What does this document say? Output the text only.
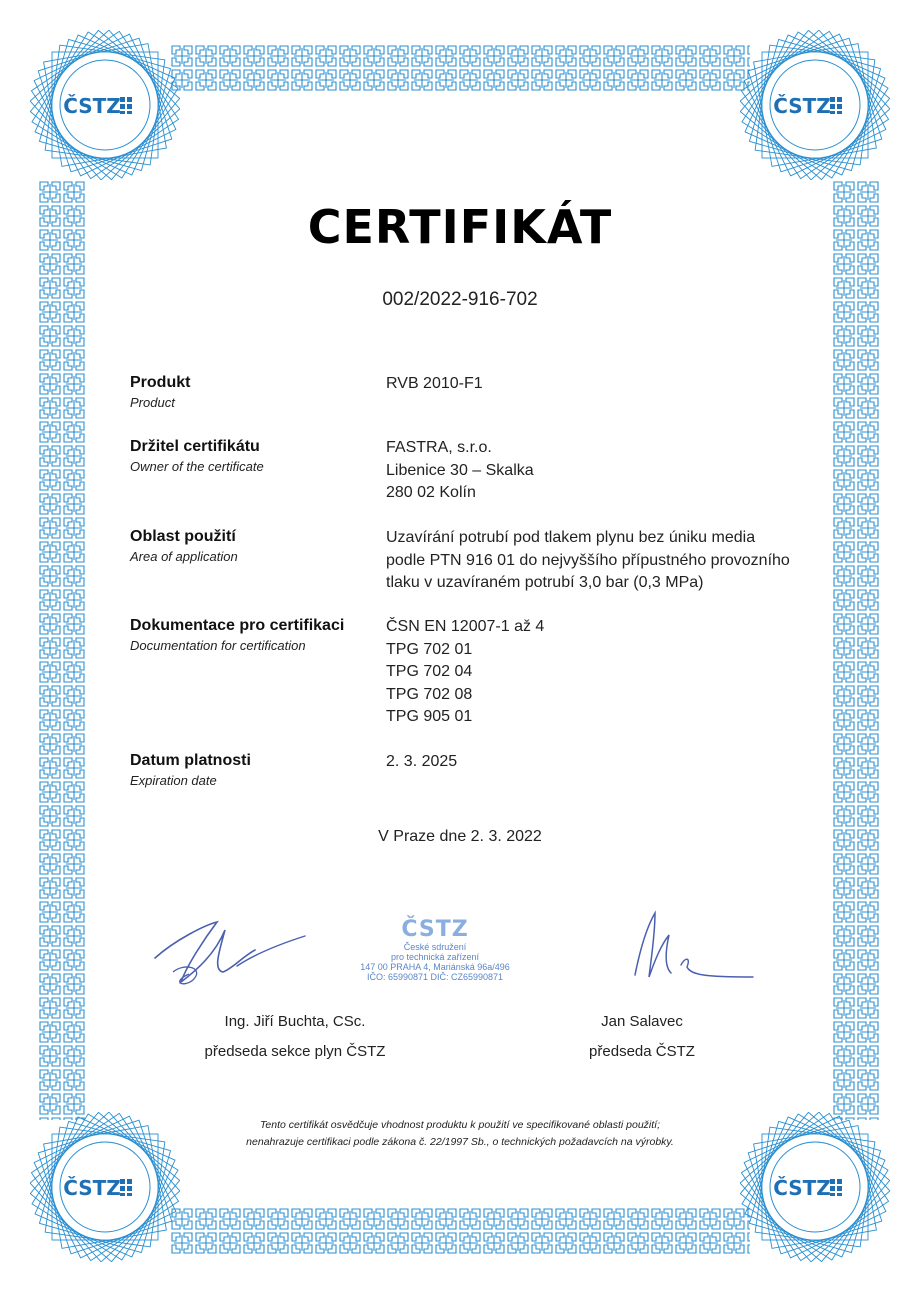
CERTIFIKÁT
002/2022-916-702
Produkt
Product
RVB 2010-F1
Držitel certifikátu
Owner of the certificate
FASTRA, s.r.o.
Libenice 30 – Skalka
280 02 Kolín
Oblast použití
Area of application
Uzavírání potrubí pod tlakem plynu bez úniku media
podle PTN 916 01 do nejvyššího přípustného provozního
tlaku v uzavíraném potrubí 3,0 bar (0,3 MPa)
Dokumentace pro certifikaci
Documentation for certification
ČSN EN 12007-1 až 4
TPG 702 01
TPG 702 04
TPG 702 08
TPG 905 01
Datum platnosti
Expiration date
2. 3. 2025
V Praze dne 2. 3. 2022
ČSTZ
České sdružení
pro technická zařízení
147 00 PRAHA 4, Mariánská 96a/496
IČO: 65990871 DIČ: CZ65990871
Ing. Jiří Buchta, CSc.
předseda sekce plyn ČSTZ
Jan Salavec
předseda ČSTZ
Tento certifikát osvědčuje vhodnost produktu k použití ve specifikované oblasti použití;
nenahrazuje certifikaci podle zákona č. 22/1997 Sb., o technických požadavcích na výrobky.
